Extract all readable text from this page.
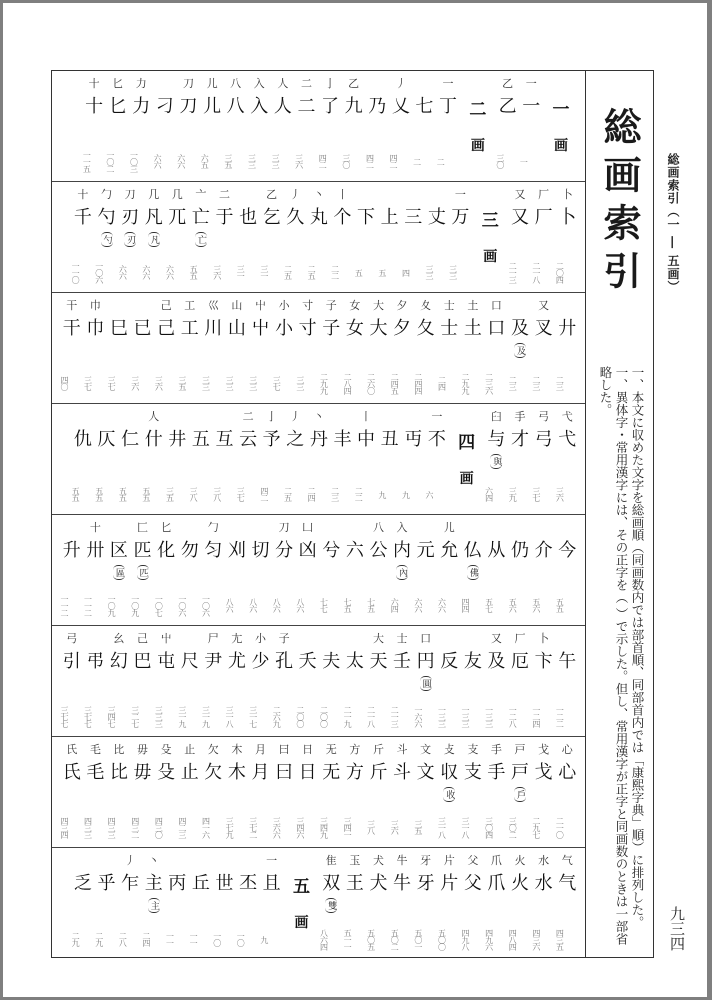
一
画
一
一
一
乙
乙
三〇
二
画
一
丁
二
七
二
丿
乂
四二
乃
四二
乙
九
三〇
亅
了
四二
二
二
三六
人
人
三三
入
入
三三
八
八
三五
儿
儿
六五
刀
刀
六六
刁
六六
力
力
一〇三
匕
匕
一〇二
十
十
一一五
卜
卜
二〇四
厂
厂
二一八
又
又
二一三
三
画
一
万
三三
丈
三三
三
四
上
五
下
五
丨
个
二二
丶
丸
二五
丿
久
二五
乙
乞
三一
也
三一
二
于
三六
亠
亡
亡
五五
几
兀
六六
几
凡
凡
六六
刀
刃
刃
六六
勹
勺
勺
一〇六
十
千
一一〇
廾
二三
又
叉
二三
及
及
二三
口
口
二三六
土
土
二九九
士
士
二四
夊
夂
二四四
夕
夕
二四五
大
大
二六〇
女
女
二八四
子
子
二九九
寸
寸
三三
小
小
三七
屮
屮
三三
山
山
三三
巛
川
三三
工
工
三五
己
己
三六
已
三六
巳
三七
巾
巾
三七
干
干
四〇
弋
弋
三六
弓
弓
三七
手
才
三九
臼
与
與
六四
四
画
一
不
六
丏
九
丑
九
丨
中
二二
丰
二三
丶
丹
二四
丿
之
二五
亅
予
四二
二
云
三七
互
三八
五
三八
井
三五
人
什
五五
仁
五五
仄
五五
仇
五五
今
五五
介
五六
仍
五六
从
五七
仏
佛
四四
儿
允
六六
元
六六
入
内
內
六四
八
公
七五
六
七五
兮
七七
凵
凶
八六
刀
分
八六
切
八六
刈
八六
勹
匀
一〇六
勿
一〇六
匕
化
一〇七
匚
匹
匹
一〇九
区
區
一〇九
十
卅
一一二
升
一一二
午
一二二
卜
卞
一二四
厂
厄
一二八
又
及
一三三
友
一三三
反
一三三
口
円
圓
一六六
士
壬
二一三
大
天
二一八
太
二一九
夫
二〇〇
夭
二〇〇
子
孔
二六九
小
少
三一七
尢
尤
三一八
尸
尹
三一九
尺
三一九
屮
屯
三三三
己
巴
三二七
幺
幻
三四七
弔
三七七
弓
引
三七七
心
心
二一〇
戈
戈
二九七
戸
戸
戶
三〇二
手
手
三〇四
支
支
三一八
攴
収
收
三一八
文
文
三五
斗
斗
三六
斤
斤
三八
方
方
三四一
无
无
三四九
日
日
三四六
曰
曰
三六六
月
月
三七二
木
木
三七九
欠
欠
四一六
止
止
四二三
殳
殳
四三〇
毋
毋
四三二
比
比
四三三
毛
毛
四三三
氏
氏
四三四
气
气
四三五
水
水
四三六
火
火
四八四
爪
爪
四九六
父
父
四九八
片
片
五〇〇
牙
牙
五〇一
牛
牛
五〇二
犬
犬
五〇五
玉
王
五一一
隹
双
雙
八六四
五
画
一
且
九
丕
一〇
世
一〇
丘
一一
丙
一一
丶
主
主
二四
丿
乍
二八
乎
二九
乏
二九
総画索引

一、本文に収めた文字を総画順（同画数内では部首順、同部首内では「康熙字典」順）に排列した。

一、異体字・常用漢字には、その正字を（ ）で示した。但し、常用漢字が正字と同画数のときは一部省略した。

総画索引（一 ― 五画）
九三四
